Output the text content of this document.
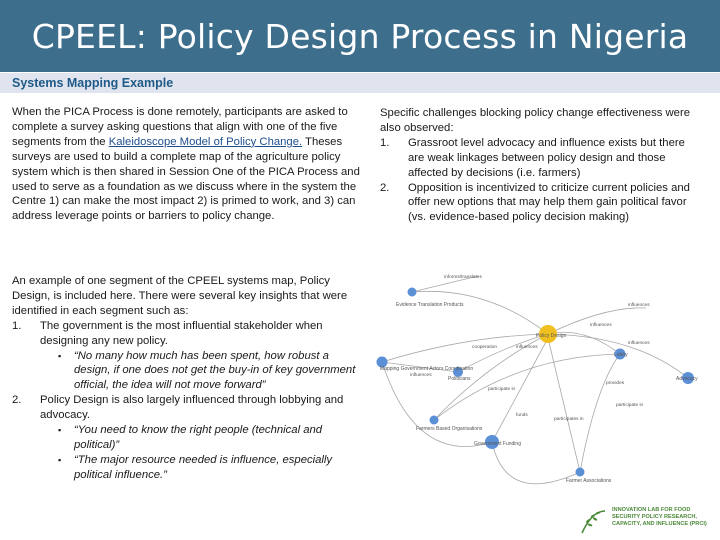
CPEEL: Policy Design Process in Nigeria
Systems Mapping Example
When the PICA Process is done remotely, participants are asked to complete a survey asking questions that align with one of the five segments from the Kaleidoscope Model of Policy Change. Theses surveys are used to build a complete map of the agriculture policy system which is then shared in Session One of the PICA Process and used to serve as a foundation as we discuss where in the system the Centre 1) can make the most impact 2) is primed to work, and 3) can address leverage points or barriers to policy change.
An example of one segment of the CPEEL systems map, Policy Design, is included here. There were several key insights that were identified in each segment such as:
1. The government is the most influential stakeholder when designing any new policy.
▪ “No many how much has been spent, how robust a design, if one does not get the buy-in of key government official, the idea will not move forward”
2. Policy Design is also largely influenced through lobbying and advocacy.
▪ “You need to know the right people (technical and political)”
▪ “The major resource needed is influence, especially political influence.”
Specific challenges blocking policy change effectiveness were also observed:
1. Grassroot level advocacy and influence exists but there are weak linkages between policy design and those affected by decisions (i.e. farmers)
2. Opposition is incentivized to criticize current policies and offer new options that may help them gain political favor (vs. evidence-based policy decision making)
informs/translates
influences
influences
influences
cooperation	influences
influences
provides
participate in
funds
participate in
participates in
Evidence Translation Products
Policy Design
Lobby
Advocacy
Mapping Government Actors Coordination
Politicians
Farmers Based Organisations
Government Funding
Farmer Associations
INNOVATION LAB FOR FOOD SECURITY POLICY RESEARCH, CAPACITY, AND INFLUENCE (PRCI)
